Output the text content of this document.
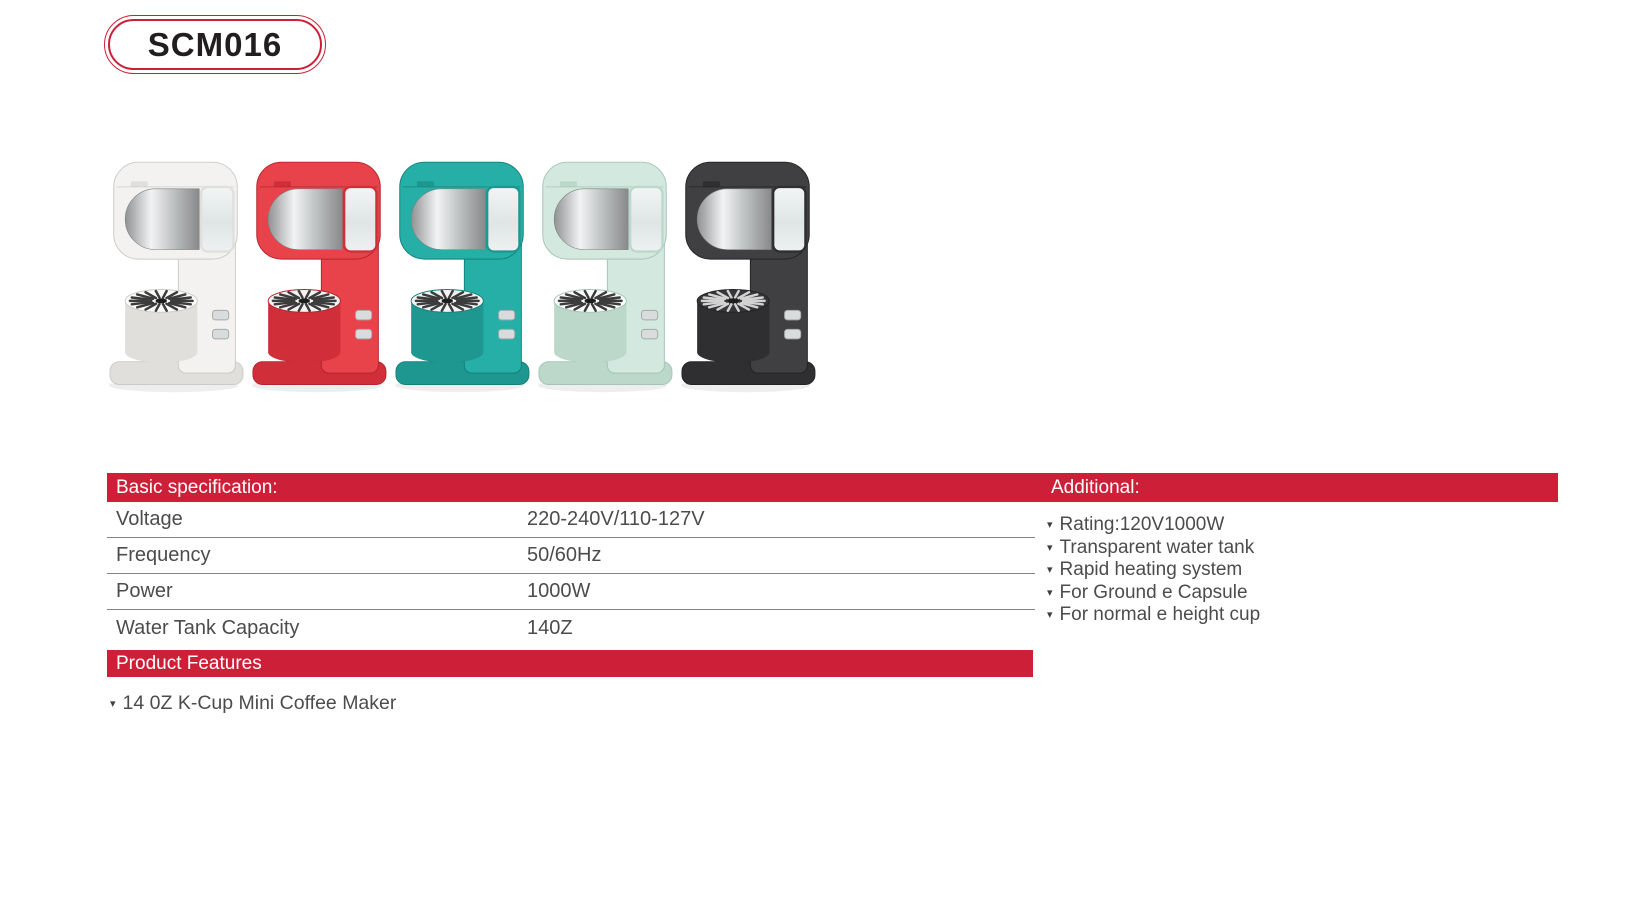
SCM016
Basic specification:	Additional:
Voltage	220-240V/110-127V
Frequency	50/60Hz
Power	1000W
Water Tank Capacity	140Z
▾ Rating:120V1000W
▾ Transparent water tank
▾ Rapid heating system
▾ For Ground e Capsule
▾ For normal e height cup
Product Features
▾ 14 0Z K-Cup Mini Coffee Maker
